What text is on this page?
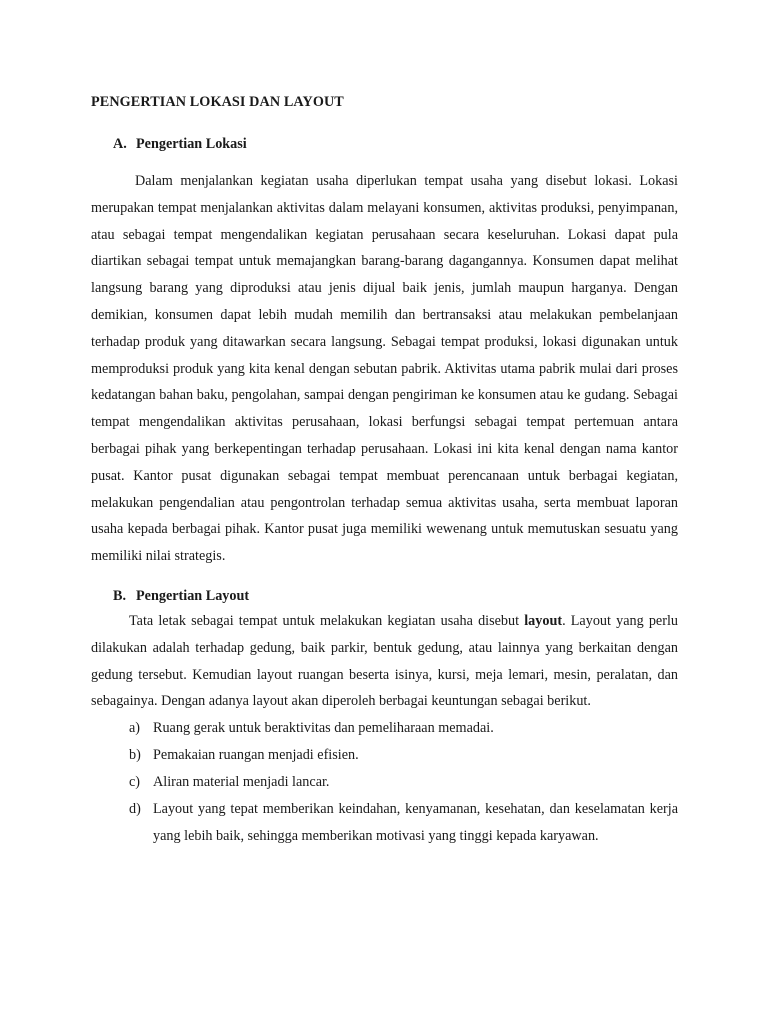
PENGERTIAN LOKASI DAN LAYOUT
A. Pengertian Lokasi

Dalam menjalankan kegiatan usaha diperlukan tempat usaha yang disebut lokasi. Lokasi merupakan tempat menjalankan aktivitas dalam melayani konsumen, aktivitas produksi, penyimpanan, atau sebagai tempat mengendalikan kegiatan perusahaan secara keseluruhan. Lokasi dapat pula diartikan sebagai tempat untuk memajangkan barang-barang dagangannya. Konsumen dapat melihat langsung barang yang diproduksi atau jenis dijual baik jenis, jumlah maupun harganya. Dengan demikian, konsumen dapat lebih mudah memilih dan bertransaksi atau melakukan pembelanjaan terhadap produk yang ditawarkan secara langsung. Sebagai tempat produksi, lokasi digunakan untuk memproduksi produk yang kita kenal dengan sebutan pabrik. Aktivitas utama pabrik mulai dari proses kedatangan bahan baku, pengolahan, sampai dengan pengiriman ke konsumen atau ke gudang. Sebagai tempat mengendalikan aktivitas perusahaan, lokasi berfungsi sebagai tempat pertemuan antara berbagai pihak yang berkepentingan terhadap perusahaan. Lokasi ini kita kenal dengan nama kantor pusat. Kantor pusat digunakan sebagai tempat membuat perencanaan untuk berbagai kegiatan, melakukan pengendalian atau pengontrolan terhadap semua aktivitas usaha, serta membuat laporan usaha kepada berbagai pihak. Kantor pusat juga memiliki wewenang untuk memutuskan sesuatu yang memiliki nilai strategis.

B. Pengertian Layout

Tata letak sebagai tempat untuk melakukan kegiatan usaha disebut layout. Layout yang perlu dilakukan adalah terhadap gedung, baik parkir, bentuk gedung, atau lainnya yang berkaitan dengan gedung tersebut. Kemudian layout ruangan beserta isinya, kursi, meja lemari, mesin, peralatan, dan sebagainya. Dengan adanya layout akan diperoleh berbagai keuntungan sebagai berikut.

a) Ruang gerak untuk beraktivitas dan pemeliharaan memadai.
b) Pemakaian ruangan menjadi efisien.
c) Aliran material menjadi lancar.
d) Layout yang tepat memberikan keindahan, kenyamanan, kesehatan, dan keselamatan kerja yang lebih baik, sehingga memberikan motivasi yang tinggi kepada karyawan.
